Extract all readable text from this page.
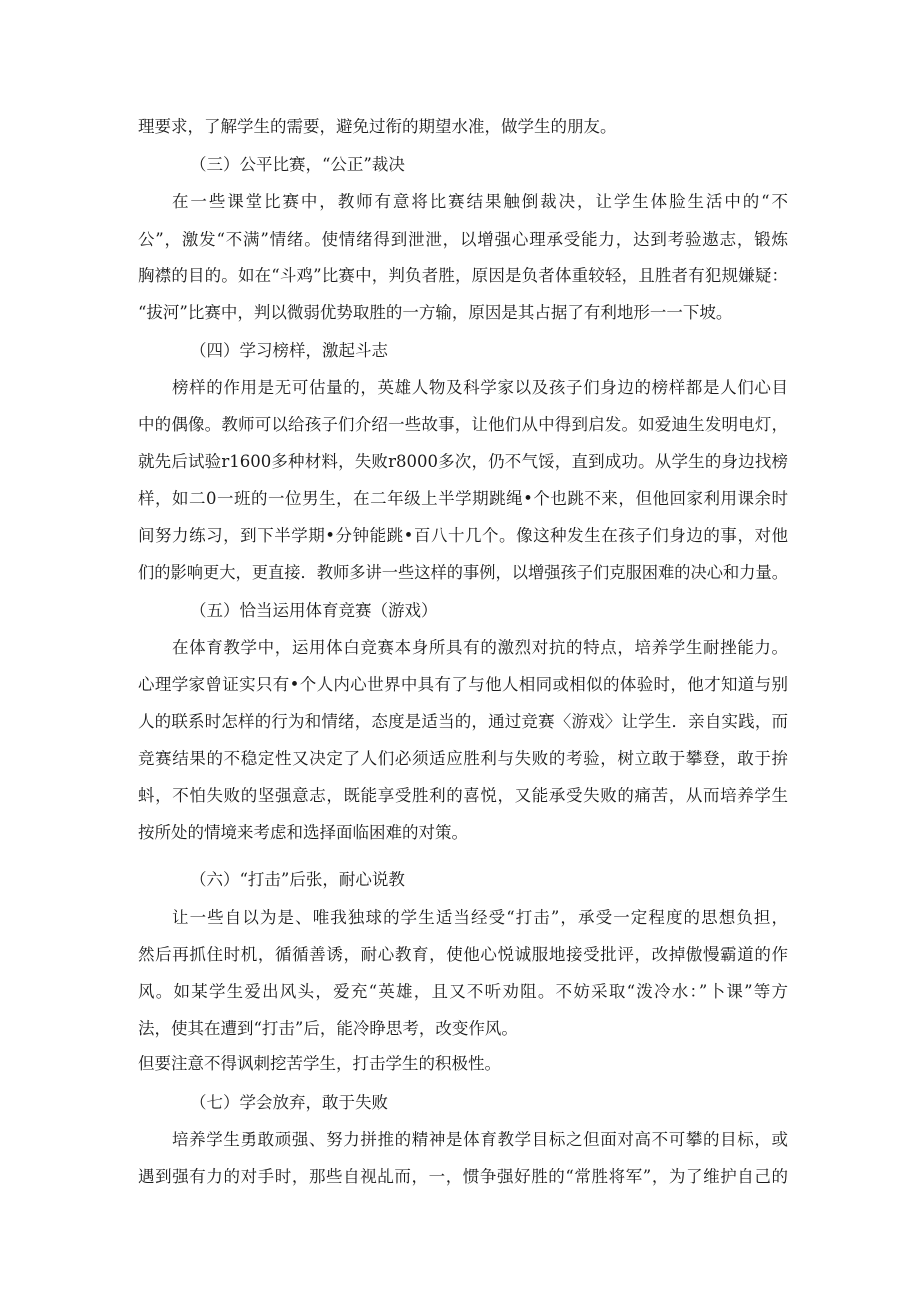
理要求，了解学生的需要，避免过衔的期望水准，做学生的朋友。

（三）公平比赛，“公正”裁决

在一些课堂比赛中，教师有意将比赛结果触倒裁决，让学生体脸生活中的“不

公”，激发“不满”情绪。使情绪得到泄泄，以增强心理承受能力，达到考验遨志，锻炼

胸襟的目的。如在“斗鸡”比赛中，判负者胜，原因是负者体重较轻，且胜者有犯规嫌疑：

“拔河”比赛中，判以微弱优势取胜的一方输，原因是其占据了有利地形一一下坡。

（四）学习榜样，激起斗志

榜样的作用是无可估量的，英雄人物及科学家以及孩子们身边的榜样都是人们心目

中的偶像。教师可以给孩子们介绍一些故事，让他们从中得到启发。如爱迪生发明电灯，

就先后试验r1600多种材料，失败r8000多次，仍不气馁，直到成功。从学生的身边找榜

样，如二0一班的一位男生，在二年级上半学期跳绳•个也跳不来，但他回家利用课余时

间努力练习，到下半学期•分钟能跳•百八十几个。像这种发生在孩子们身边的事，对他

们的影响更大，更直接．教师多讲一些这样的事例，以增强孩子们克服困难的决心和力量。

（五）恰当运用体育竞赛（游戏）

在体育教学中，运用体白竞赛本身所具有的激烈对抗的特点，培养学生耐挫能力。

心理学家曾证实只有•个人内心世界中具有了与他人相同或相似的体验时，他才知道与别

人的联系时怎样的行为和情绪，态度是适当的，通过竞赛〈游戏〉让学生．亲自实践，而

竞赛结果的不稳定性又决定了人们必须适应胜利与失败的考验，树立敢于攀登，敢于拚

蚪，不怕失败的坚强意志，既能享受胜利的喜悦，又能承受失败的痛苦，从而培养学生

按所处的情境来考虑和选择面临困难的对策。

（六）“打击”后张，耐心说教

让一些自以为是、唯我独球的学生适当经受“打击”，承受一定程度的思想负担，

然后再抓住时机，循循善诱，耐心教育，使他心悦诚服地接受批评，改掉傲慢霸道的作

风。如某学生爱出风头，爱充“英雄，且又不听劝阻。不妨采取“泼冷水：”卜课”等方

法，使其在遭到“打击”后，能冷睁思考，改变作风。

但要注意不得讽刺挖苦学生，打击学生的积极性。

（七）学会放弃，敢于失败

培养学生勇敢顽强、努力拼推的精神是体育教学目标之但面对高不可攀的目标，或

遇到强有力的对手时，那些自视乩而，一，惯争强好胜的“常胜将军”，为了维护自己的
